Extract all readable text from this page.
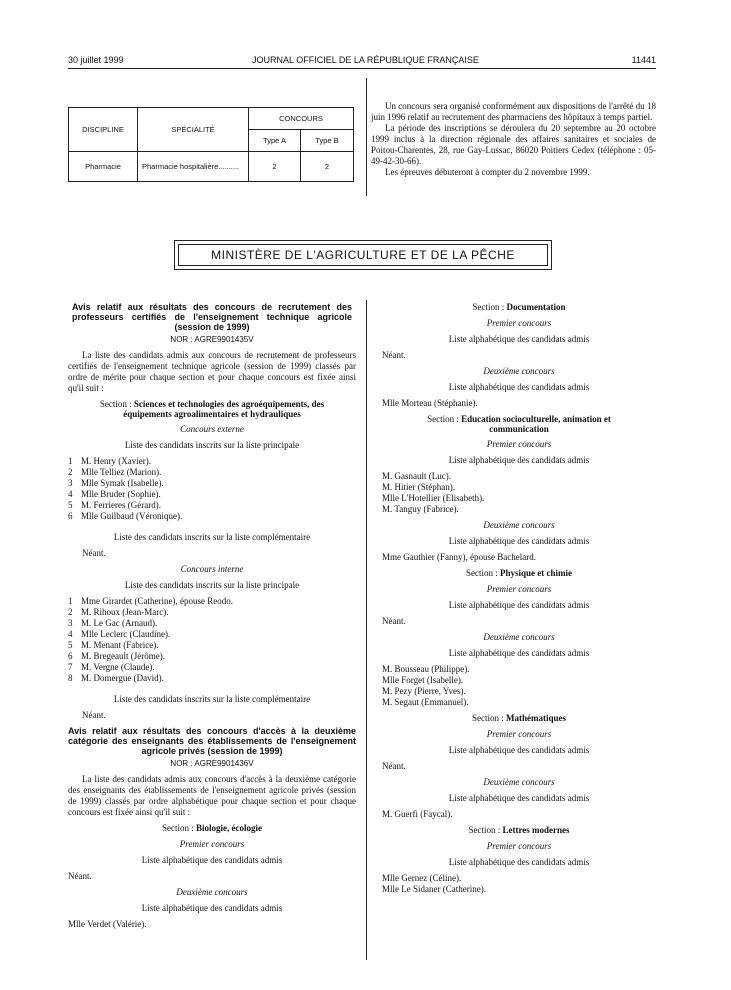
30 juillet 1999	JOURNAL OFFICIEL DE LA RÉPUBLIQUE FRANÇAISE	11441
DISCIPLINE	SPÉCIALITÉ	CONCOURS	
		Type A	Type B
Pharmacie	Pharmacie hospitalière..........	2	2

Un concours sera organisé conformément aux dispositions de l'arrêté du 18 juin 1996 relatif au recrutement des pharmaciens des hôpitaux à temps partiel.

La période des inscriptions se déroulera du 20 septembre au 20 octobre 1999 inclus à la direction régionale des affaires sanitaires et sociales de Poitou-Charentes, 28, rue Gay-Lussac, 86020 Poitiers Cedex (téléphone : 05-49-42-30-66).

Les épreuves débuteront à compter du 2 novembre 1999.

MINISTÈRE DE L'AGRICULTURE ET DE LA PÊCHE

Avis relatif aux résultats des concours de recrutement des professeurs certifiés de l'enseignement technique agricole (session de 1999)

NOR : AGRE9901435V

La liste des candidats admis aux concours de recrutement de professeurs certifiés de l'enseignement technique agricole (session de 1999) classés par ordre de mérite pour chaque section et pour chaque concours est fixée ainsi qu'il suit :

Section : Sciences et technologies des agroéquipements, des équipements agroalimentaires et hydrauliques

Concours externe

Liste des candidats inscrits sur la liste principale

1 M. Henry (Xavier).

2 Mlle Telliez (Marion).

3 Mlle Symak (Isabelle).

4 Mlle Bruder (Sophie).

5 M. Ferrieres (Gérard).

6 Mlle Guilbaud (Véronique).

Liste des candidats inscrits sur la liste complémentaire

Néant.

Concours interne

Liste des candidats inscrits sur la liste principale

1 Mme Girardet (Catherine), épouse Reodo.

2 M. Rihoux (Jean-Marc).

3 M. Le Gac (Arnaud).

4 Mlle Leclerc (Claudine).

5 M. Menant (Fabrice).

6 M. Bregeault (Jérôme).

7 M. Vergne (Claude).

8 M. Domergue (David).

Liste des candidats inscrits sur la liste complémentaire

Néant.

Avis relatif aux résultats des concours d'accès à la deuxième catégorie des enseignants des établissements de l'enseignement agricole privés (session de 1999)

NOR : AGRE9901436V

La liste des candidats admis aux concours d'accès à la deuxième catégorie des enseignants des établissements de l'enseignement agricole privés (session de 1999) classés par ordre alphabétique pour chaque section et pour chaque concours est fixée ainsi qu'il suit :

Section : Biologie, écologie

Premier concours

Liste alphabétique des candidats admis

Néant.

Deuxième concours

Liste alphabétique des candidats admis

Mlle Verdet (Valérie).

Section : Documentation

Premier concours

Liste alphabétique des candidats admis

Néant.

Deuxième concours

Liste alphabétique des candidats admis

Mlle Morteau (Stéphanie).

Section : Education socioculturelle, animation et communication

Premier concours

Liste alphabétique des candidats admis

M. Gasnault (Luc).

M. Hitier (Stéphan).

Mlle L'Hotellier (Elisabeth).

M. Tanguy (Fabrice).

Deuxième concours

Liste alphabétique des candidats admis

Mme Gauthier (Fanny), épouse Bachelard.

Section : Physique et chimie

Premier concours

Liste alphabétique des candidats admis

Néant.

Deuxième concours

Liste alphabétique des candidats admis

M. Bousseau (Philippe).

Mlle Forget (Isabelle).

M. Pezy (Pierre, Yves).

M. Segaut (Emmanuel).

Section : Mathématiques

Premier concours

Liste alphabétique des candidats admis

Néant.

Deuxième concours

Liste alphabétique des candidats admis

M. Guerfi (Faycal).

Section : Lettres modernes

Premier concours

Liste alphabétique des candidats admis

Mlle Gernez (Céline).

Mlle Le Sidaner (Catherine).
